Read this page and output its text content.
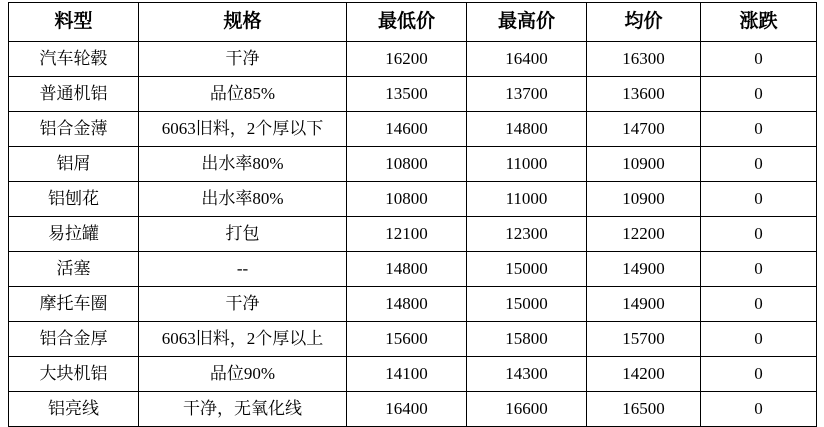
料型	规格	最低价	最高价	均价	涨跌
汽车轮毂	干净	16200	16400	16300	0
普通机铝	品位85%	13500	13700	13600	0
铝合金薄	6063旧料，2个厚以下	14600	14800	14700	0
铝屑	出水率80%	10800	11000	10900	0
铝刨花	出水率80%	10800	11000	10900	0
易拉罐	打包	12100	12300	12200	0
活塞	--	14800	15000	14900	0
摩托车圈	干净	14800	15000	14900	0
铝合金厚	6063旧料，2个厚以上	15600	15800	15700	0
大块机铝	品位90%	14100	14300	14200	0
铝亮线	干净，无氧化线	16400	16600	16500	0
